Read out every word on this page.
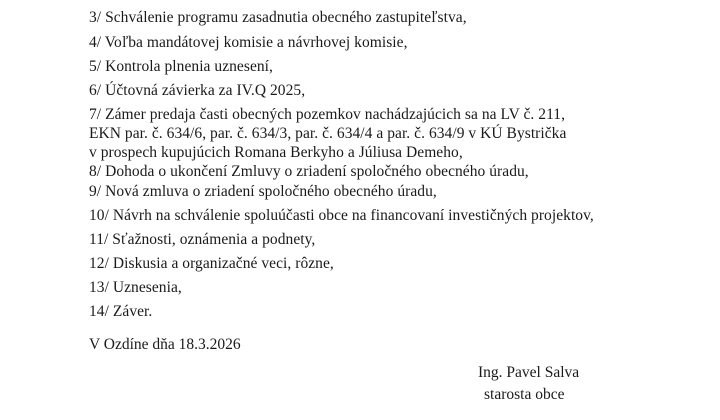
3/ Schválenie programu zasadnutia obecného zastupiteľstva,
4/ Voľba mandátovej komisie a návrhovej komisie,
5/ Kontrola plnenia uznesení,
6/ Účtovná závierka za IV.Q 2025,
7/ Zámer predaja časti obecných pozemkov nachádzajúcich sa na LV č. 211,
EKN par. č. 634/6, par. č. 634/3, par. č. 634/4 a par. č. 634/9 v KÚ Bystrička
v prospech kupujúcich Romana Berkyho a Júliusa Demeho,
8/ Dohoda o ukončení Zmluvy o zriadení spoločného obecného úradu,
9/ Nová zmluva o zriadení spoločného obecného úradu,
10/ Návrh na schválenie spoluúčasti obce na financovaní investičných projektov,
11/ Sťažnosti, oznámenia a podnety,
12/ Diskusia a organizačné veci, rôzne,
13/ Uznesenia,
14/ Záver.
V Ozdíne dňa 18.3.2026
Ing. Pavel Salva
starosta obce
